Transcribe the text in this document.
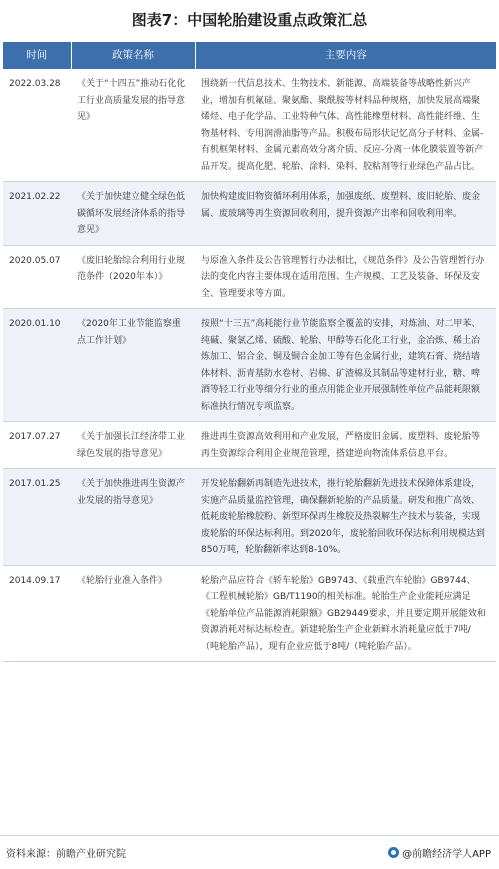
图表7：中国轮胎建设重点政策汇总
时间	政策名称	主要内容
2022.03.28	《关于“十四五”推动石化化工行业高质量发展的指导意见》	围绕新一代信息技术、生物技术、新能源、高端装备等战略性新兴产业，增加有机氟硅、聚氨酯、聚酰胺等材料品种规格，加快发展高端聚烯烃、电子化学品、工业特种气体、高性能橡塑材料、高性能纤维、生物基材料、专用润滑油脂等产品。积极布局形状记忆高分子材料、金属-有机框架材料、金属元素高效分离介质、反应-分离一体化膜装置等新产品开发。提高化肥、轮胎、涂料、染料、胶粘剂等行业绿色产品占比。
2021.02.22	《关于加快建立健全绿色低碳循环发展经济体系的指导意见》	加快构建废旧物资循环利用体系，加强废纸、废塑料、废旧轮胎、废金属、废玻璃等再生资源回收利用，提升资源产出率和回收利用率。
2020.05.07	《废旧轮胎综合利用行业规范条件（2020年本）》	与原准入条件及公告管理暂行办法相比，《规范条件》及公告管理暂行办法的变化内容主要体现在适用范围、生产规模、工艺及装备、环保及安全、管理要求等方面。
2020.01.10	《2020年工业节能监察重点工作计划》	按照“十三五”高耗能行业节能监察全覆盖的安排，对炼油、对二甲苯、纯碱、聚氯乙烯、硫酸、轮胎、甲醇等石化化工行业，金冶炼、稀土冶炼加工、铝合金、铜及铜合金加工等有色金属行业，建筑石膏、烧结墙体材料、沥青基防水卷材、岩棉、矿渣棉及其制品等建材行业，糖、啤酒等轻工行业等细分行业的重点用能企业开展强制性单位产品能耗限额标准执行情况专项监察。
2017.07.27	《关于加强长江经济带工业绿色发展的指导意见》	推进再生资源高效利用和产业发展，严格废旧金属、废塑料、废轮胎等再生资源综合利用企业规范管理，搭建逆向物流体系信息平台。
2017.01.25	《关于加快推进再生资源产业发展的指导意见》	开发轮胎翻新再制造先进技术，推行轮胎翻新先进技术保障体系建设，实施产品质量监控管理，确保翻新轮胎的产品质量。研发和推广高效、低耗废轮胎橡胶粉、新型环保再生橡胶及热裂解生产技术与装备，实现废轮胎的环保达标利用。到2020年，废轮胎回收环保达标利用规模达到850万吨，轮胎翻新率达到8-10%。
2014.09.17	《轮胎行业准入条件》	轮胎产品应符合《轿车轮胎》GB9743、《载重汽车轮胎》GB9744、《工程机械轮胎》GB/T1190的相关标准。轮胎生产企业能耗应满足《轮胎单位产品能源消耗限额》GB29449要求，并且要定期开展能效和资源消耗对标达标检查。新建轮胎生产企业新鲜水消耗量应低于7吨/（吨轮胎产品），现有企业应低于8吨/（吨轮胎产品）。
资料来源：前瞻产业研究院	@前瞻经济学人APP
